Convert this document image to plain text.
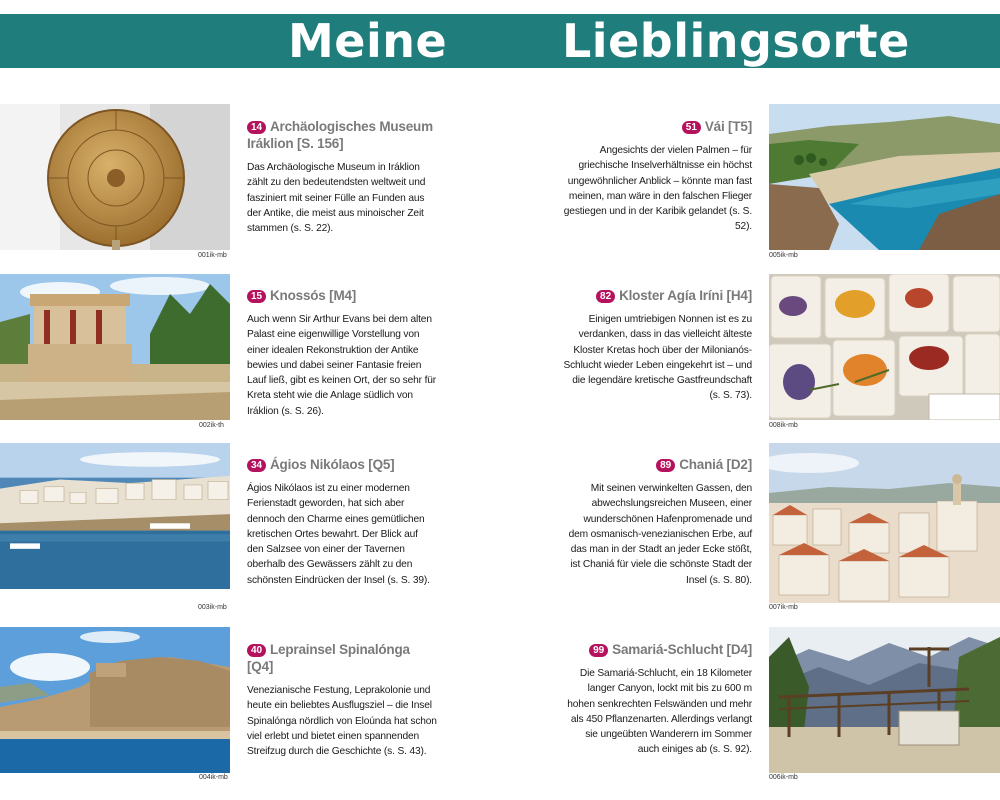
Meine Lieblingsorte
001ik-mb
14 Archäologisches Museum Iráklion [S. 156]
Das Archäologische Museum in Iráklion zählt zu den bedeutendsten weltweit und fasziniert mit seiner Fülle an Funden aus der Antike, die meist aus minoischer Zeit stammen (s. S. 22).
002ik-th
15 Knossós [M4]
Auch wenn Sir Arthur Evans bei dem alten Palast eine eigenwillige Vorstellung von einer idealen Rekonstruktion der Antike bewies und dabei seiner Fantasie freien Lauf ließ, gibt es keinen Ort, der so sehr für Kreta steht wie die Anlage südlich von Iráklion (s. S. 26).
003ik-mb
34 Ágios Nikólaos [Q5]
Ágios Nikólaos ist zu einer modernen Ferienstadt geworden, hat sich aber dennoch den Charme eines gemütlichen kretischen Ortes bewahrt. Der Blick auf den Salzsee von einer der Tavernen oberhalb des Gewässers zählt zu den schönsten Eindrücken der Insel (s. S. 39).
004ik-mb
40 Leprainsel Spinalónga [Q4]
Venezianische Festung, Leprakolonie und heute ein beliebtes Ausflugsziel – die Insel Spinalónga nördlich von Eloúnda hat schon viel erlebt und bietet einen spannenden Streifzug durch die Geschichte (s. S. 43).
51 Vái [T5]
Angesichts der vielen Palmen – für griechische Inselverhältnisse ein höchst ungewöhnlicher Anblick – könnte man fast meinen, man wäre in den falschen Flieger gestiegen und in der Karibik gelandet (s. S. 52).
005ik-mb
82 Kloster Agía Iríni [H4]
Einigen umtriebigen Nonnen ist es zu verdanken, dass in das vielleicht älteste Kloster Kretas hoch über der Milonianós-Schlucht wieder Leben eingekehrt ist – und die legendäre kretische Gastfreundschaft (s. S. 73).
008ik-mb
89 Chaniá [D2]
Mit seinen verwinkelten Gassen, den abwechslungsreichen Museen, einer wunderschönen Hafenpromenade und dem osmanisch-venezianischen Erbe, auf das man in der Stadt an jeder Ecke stößt, ist Chaniá für viele die schönste Stadt der Insel (s. S. 80).
007ik-mb
99 Samariá-Schlucht [D4]
Die Samariá-Schlucht, ein 18 Kilometer langer Canyon, lockt mit bis zu 600 m hohen senkrechten Felswänden und mehr als 450 Pflanzenarten. Allerdings verlangt sie ungeübten Wanderern im Sommer auch einiges ab (s. S. 92).
006ik-mb
